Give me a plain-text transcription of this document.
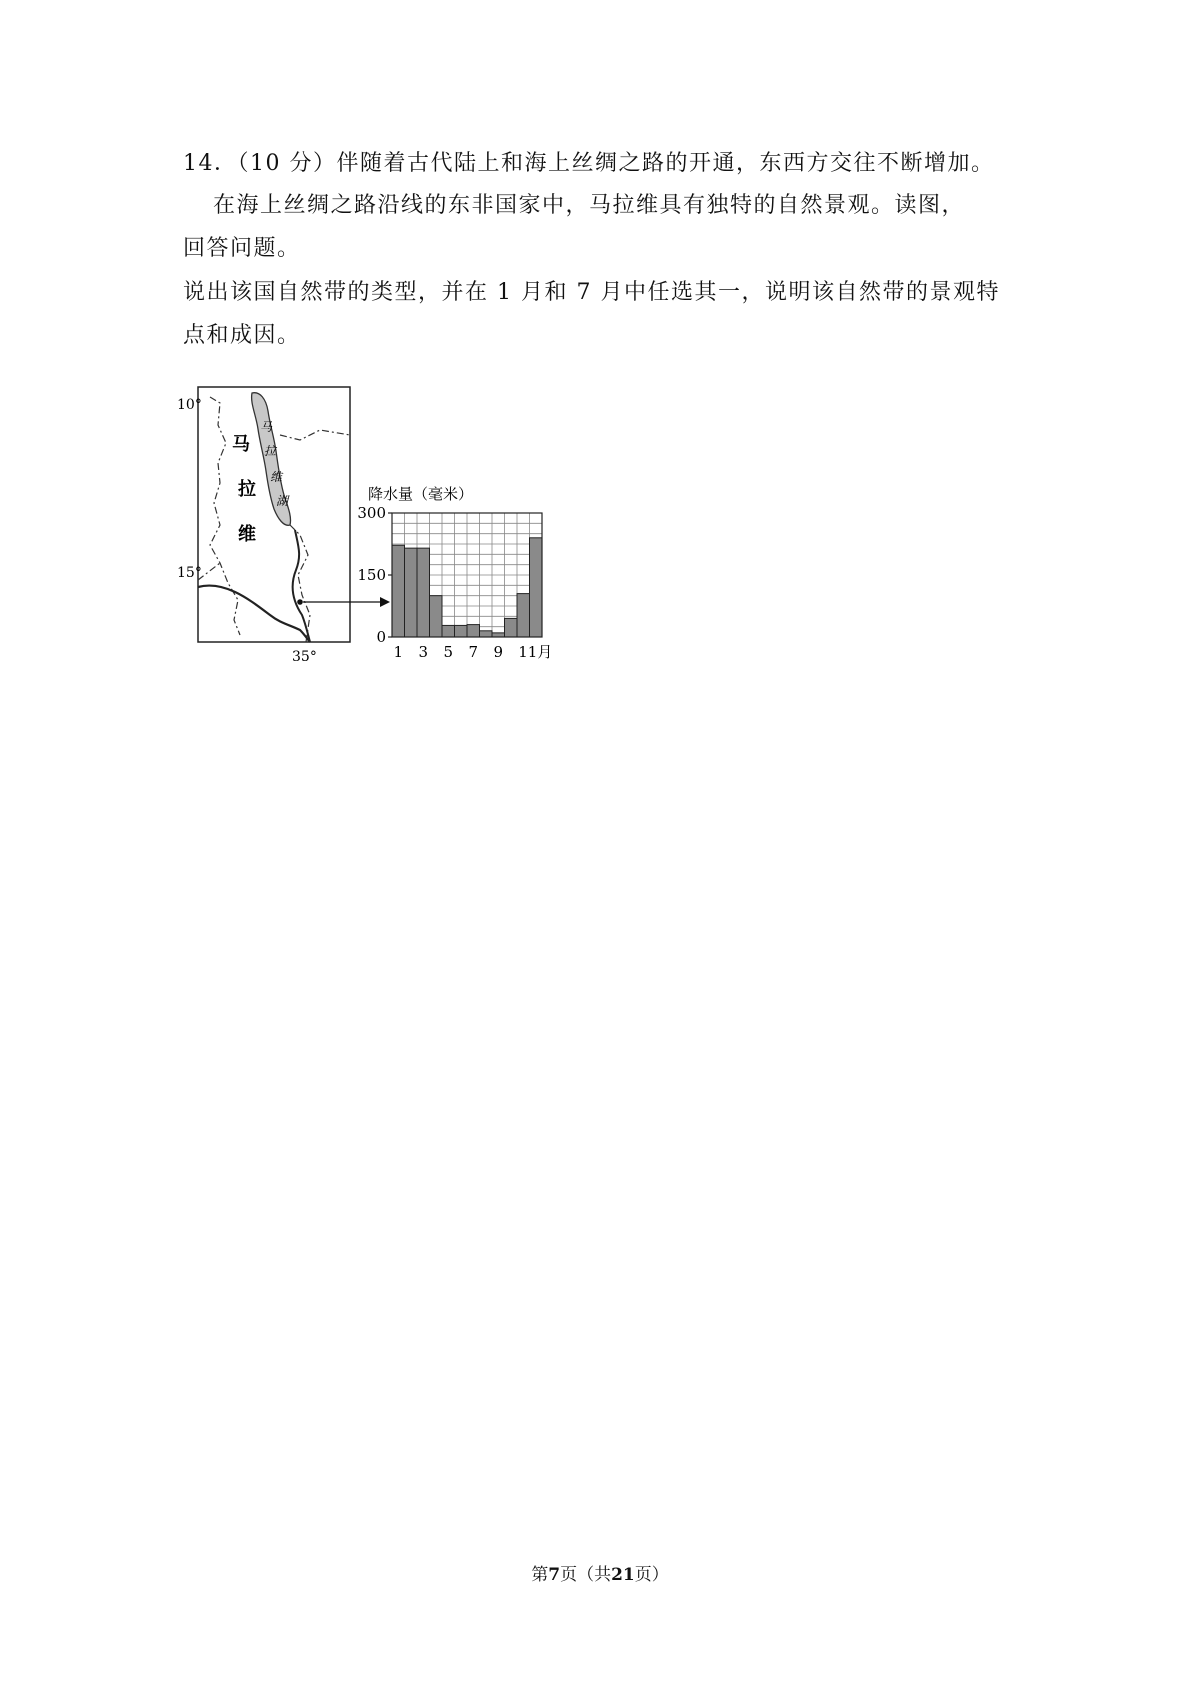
14．（10 分）伴随着古代陆上和海上丝绸之路的开通，东西方交往不断增加。
在海上丝绸之路沿线的东非国家中，马拉维具有独特的自然景观。读图，
回答问题。
说出该国自然带的类型，并在 1 月和 7 月中任选其一，说明该自然带的景观特
点和成因。
马
拉
维
湖
马
拉
维
10°
15°
35°
降水量（毫米）
0
150
300
1 3 5 7 9 11月
第7页（共21页）
